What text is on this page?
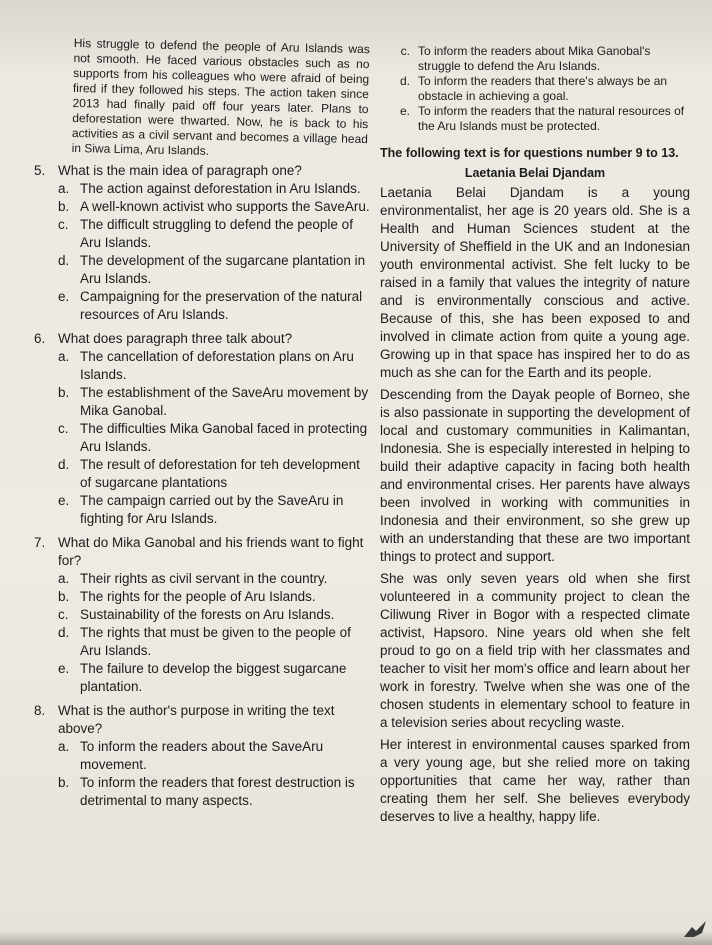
His struggle to defend the people of Aru Islands was not smooth. He faced various obstacles such as no supports from his colleagues who were afraid of being fired if they followed his steps. The action taken since 2013 had finally paid off four years later. Plans to deforestation were thwarted. Now, he is back to his activities as a civil servant and becomes a village head in Siwa Lima, Aru Islands.

5. What is the main idea of paragraph one?
a. The action against deforestation in Aru Islands.
b. A well-known activist who supports the SaveAru.
c. The difficult struggling to defend the people of Aru Islands.
d. The development of the sugarcane plantation in Aru Islands.
e. Campaigning for the preservation of the natural resources of Aru Islands.
6. What does paragraph three talk about?
a. The cancellation of deforestation plans on Aru Islands.
b. The establishment of the SaveAru movement by Mika Ganobal.
c. The difficulties Mika Ganobal faced in protecting Aru Islands.
d. The result of deforestation for teh development of sugarcane plantations
e. The campaign carried out by the SaveAru in fighting for Aru Islands.
7. What do Mika Ganobal and his friends want to fight for?
a. Their rights as civil servant in the country.
b. The rights for the people of Aru Islands.
c. Sustainability of the forests on Aru Islands.
d. The rights that must be given to the people of Aru Islands.
e. The failure to develop the biggest sugarcane plantation.
8. What is the author's purpose in writing the text above?
a. To inform the readers about the SaveAru movement.
b. To inform the readers that forest destruction is detrimental to many aspects.
c. To inform the readers about Mika Ganobal's struggle to defend the Aru Islands.
d. To inform the readers that there's always be an obstacle in achieving a goal.
e. To inform the readers that the natural resources of the Aru Islands must be protected.
The following text is for questions number 9 to 13.
Laetania Belai Djandam

Laetania Belai Djandam is a young environmentalist, her age is 20 years old. She is a Health and Human Sciences student at the University of Sheffield in the UK and an Indonesian youth environmental activist. She felt lucky to be raised in a family that values the integrity of nature and is environmentally conscious and active. Because of this, she has been exposed to and involved in climate action from quite a young age. Growing up in that space has inspired her to do as much as she can for the Earth and its people.

Descending from the Dayak people of Borneo, she is also passionate in supporting the development of local and customary communities in Kalimantan, Indonesia. She is especially interested in helping to build their adaptive capacity in facing both health and environmental crises. Her parents have always been involved in working with communities in Indonesia and their environment, so she grew up with an understanding that these are two important things to protect and support.

She was only seven years old when she first volunteered in a community project to clean the Ciliwung River in Bogor with a respected climate activist, Hapsoro. Nine years old when she felt proud to go on a field trip with her classmates and teacher to visit her mom's office and learn about her work in forestry. Twelve when she was one of the chosen students in elementary school to feature in a television series about recycling waste.

Her interest in environmental causes sparked from a very young age, but she relied more on taking opportunities that came her way, rather than creating them her self. She believes everybody deserves to live a healthy, happy life.
